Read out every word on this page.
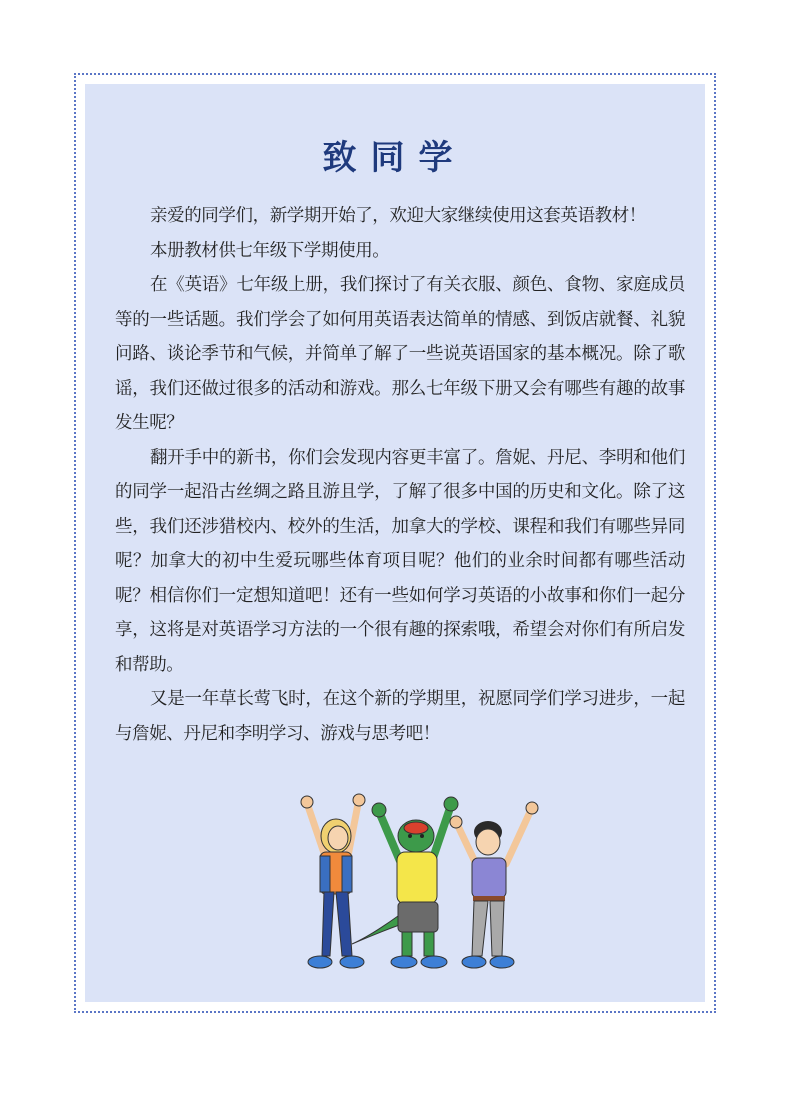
致同学

亲爱的同学们，新学期开始了，欢迎大家继续使用这套英语教材！

本册教材供七年级下学期使用。

在《英语》七年级上册，我们探讨了有关衣服、颜色、食物、家庭成员等的一些话题。我们学会了如何用英语表达简单的情感、到饭店就餐、礼貌问路、谈论季节和气候，并简单了解了一些说英语国家的基本概况。除了歌谣，我们还做过很多的活动和游戏。那么七年级下册又会有哪些有趣的故事发生呢？

翻开手中的新书，你们会发现内容更丰富了。詹妮、丹尼、李明和他们的同学一起沿古丝绸之路且游且学，了解了很多中国的历史和文化。除了这些，我们还涉猎校内、校外的生活，加拿大的学校、课程和我们有哪些异同呢？加拿大的初中生爱玩哪些体育项目呢？他们的业余时间都有哪些活动呢？相信你们一定想知道吧！还有一些如何学习英语的小故事和你们一起分享，这将是对英语学习方法的一个很有趣的探索哦，希望会对你们有所启发和帮助。

又是一年草长莺飞时，在这个新的学期里，祝愿同学们学习进步，一起与詹妮、丹尼和李明学习、游戏与思考吧！
